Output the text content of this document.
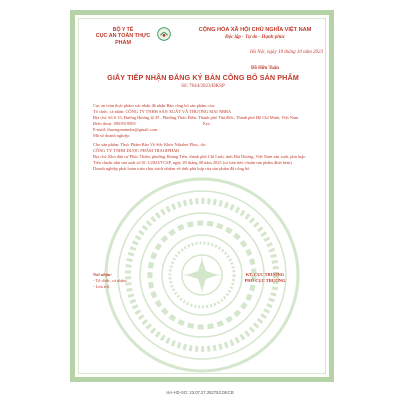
BỘ Y TẾ
CỤC AN TOÀN THỰC PHẨM
CỘNG HÒA XÃ HỘI CHỦ NGHĨA VIỆT NAM
Độc lập - Tự do - Hạnh phúc
Hà Nội, ngày 19 tháng 10 năm 2023
GIẤY TIẾP NHẬN ĐĂNG KÝ BẢN CÔNG BỐ SẢN PHẨM
Số: 7644/2023/ĐKSP

Cục an toàn thực phẩm xác nhận đã nhận Bản công bố sản phẩm của:

Tổ chức, cá nhân: CÔNG TY TNHH SẢN XUẤT VÀ THƯƠNG MẠI NBBA

Địa chỉ: Số 6 15, Đường Hương lộ 35 , Phường Thảo Điền, Thành phố Thủ Đức, Thành phố Hồ Chí Minh, Việt Nam

Điện thoại: 0903919905	Fax:

E-mail: thuongmainnba@gmail.com

Mã số doanh nghiệp:

Cho sản phẩm: Thực Phẩm Bảo Vệ Sức Khỏe Nibabet Plus;, do:

CÔNG TY TNHH DƯỢC PHẨM TRAOIPHAR

Địa chỉ: Khu dân cư Phúc Thiên, phường Hoàng Tiến, thành phố Chí Linh, tỉnh Hải Dương, Việt Nam sản xuất, phù hợp:

Tiêu chuẩn nhà sản xuất số 01.1/2023/TCSP, ngày 28 tháng 08 năm 2023 (có bản tiêu chuẩn sản phẩm đính kèm)

Doanh nghiệp phải hoàn toàn chịu trách nhiệm về tính phù hợp của sản phẩm đã công bố.

Nơi nhận:
- Tổ chức, cá nhân;
- Lưu trữ.
KT. CỤC TRƯỞNG
PHÓ CỤC TRƯỞNG
Đỗ Hữu Tuấn
HA-HD-SO: 23.07.27.282753.DKCB
